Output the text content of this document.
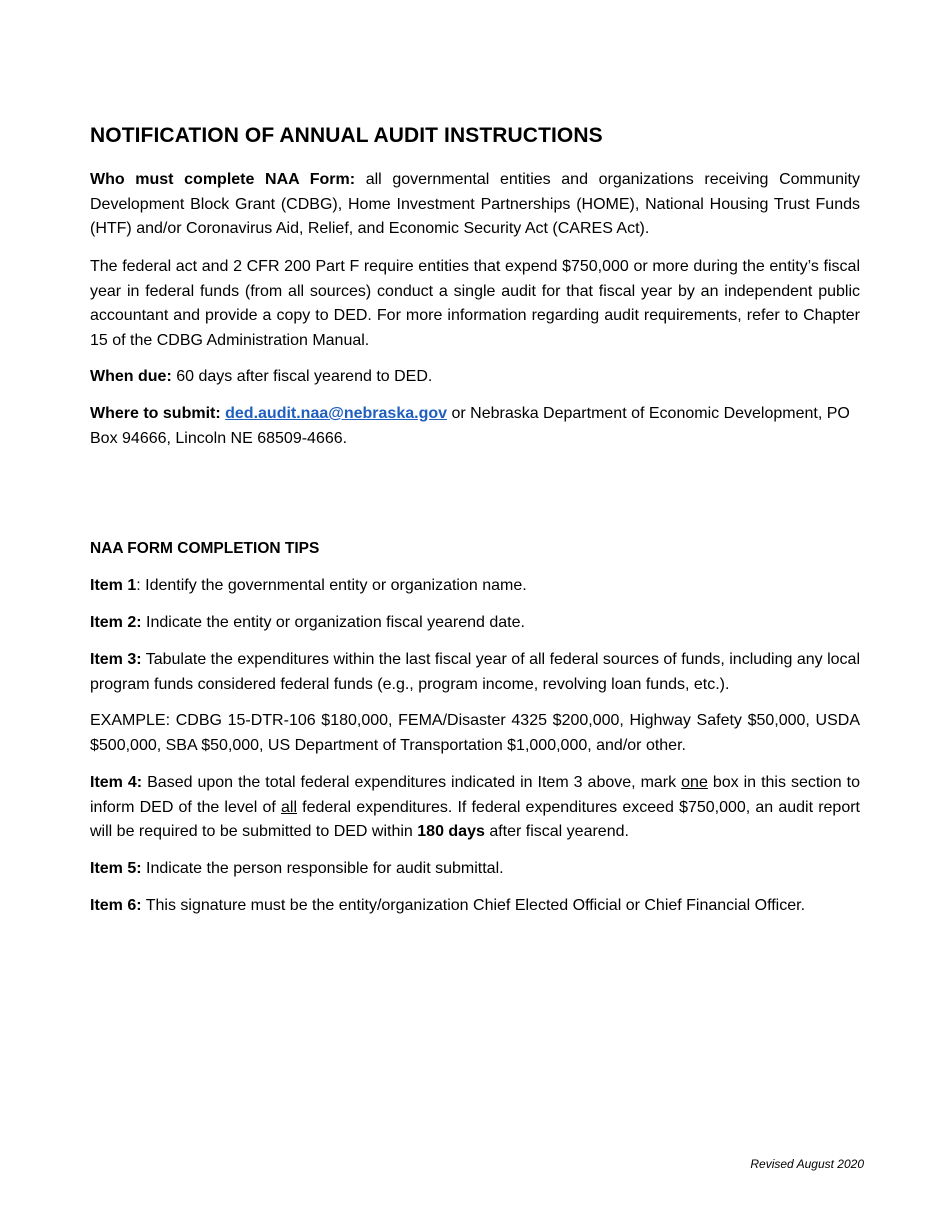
NOTIFICATION OF ANNUAL AUDIT INSTRUCTIONS

Who must complete NAA Form: all governmental entities and organizations receiving Community Development Block Grant (CDBG), Home Investment Partnerships (HOME), National Housing Trust Funds (HTF) and/or Coronavirus Aid, Relief, and Economic Security Act (CARES Act).

The federal act and 2 CFR 200 Part F require entities that expend $750,000 or more during the entity’s fiscal year in federal funds (from all sources) conduct a single audit for that fiscal year by an independent public accountant and provide a copy to DED. For more information regarding audit requirements, refer to Chapter 15 of the CDBG Administration Manual.

When due: 60 days after fiscal yearend to DED.

Where to submit: ded.audit.naa@nebraska.gov or Nebraska Department of Economic Development, PO Box 94666, Lincoln NE 68509-4666.

NAA FORM COMPLETION TIPS

Item 1: Identify the governmental entity or organization name.

Item 2: Indicate the entity or organization fiscal yearend date.

Item 3: Tabulate the expenditures within the last fiscal year of all federal sources of funds, including any local program funds considered federal funds (e.g., program income, revolving loan funds, etc.).

EXAMPLE: CDBG 15-DTR-106 $180,000, FEMA/Disaster 4325 $200,000, Highway Safety $50,000, USDA $500,000, SBA $50,000, US Department of Transportation $1,000,000, and/or other.

Item 4: Based upon the total federal expenditures indicated in Item 3 above, mark one box in this section to inform DED of the level of all federal expenditures. If federal expenditures exceed $750,000, an audit report will be required to be submitted to DED within 180 days after fiscal yearend.

Item 5: Indicate the person responsible for audit submittal.

Item 6: This signature must be the entity/organization Chief Elected Official or Chief Financial Officer.

Revised August 2020
